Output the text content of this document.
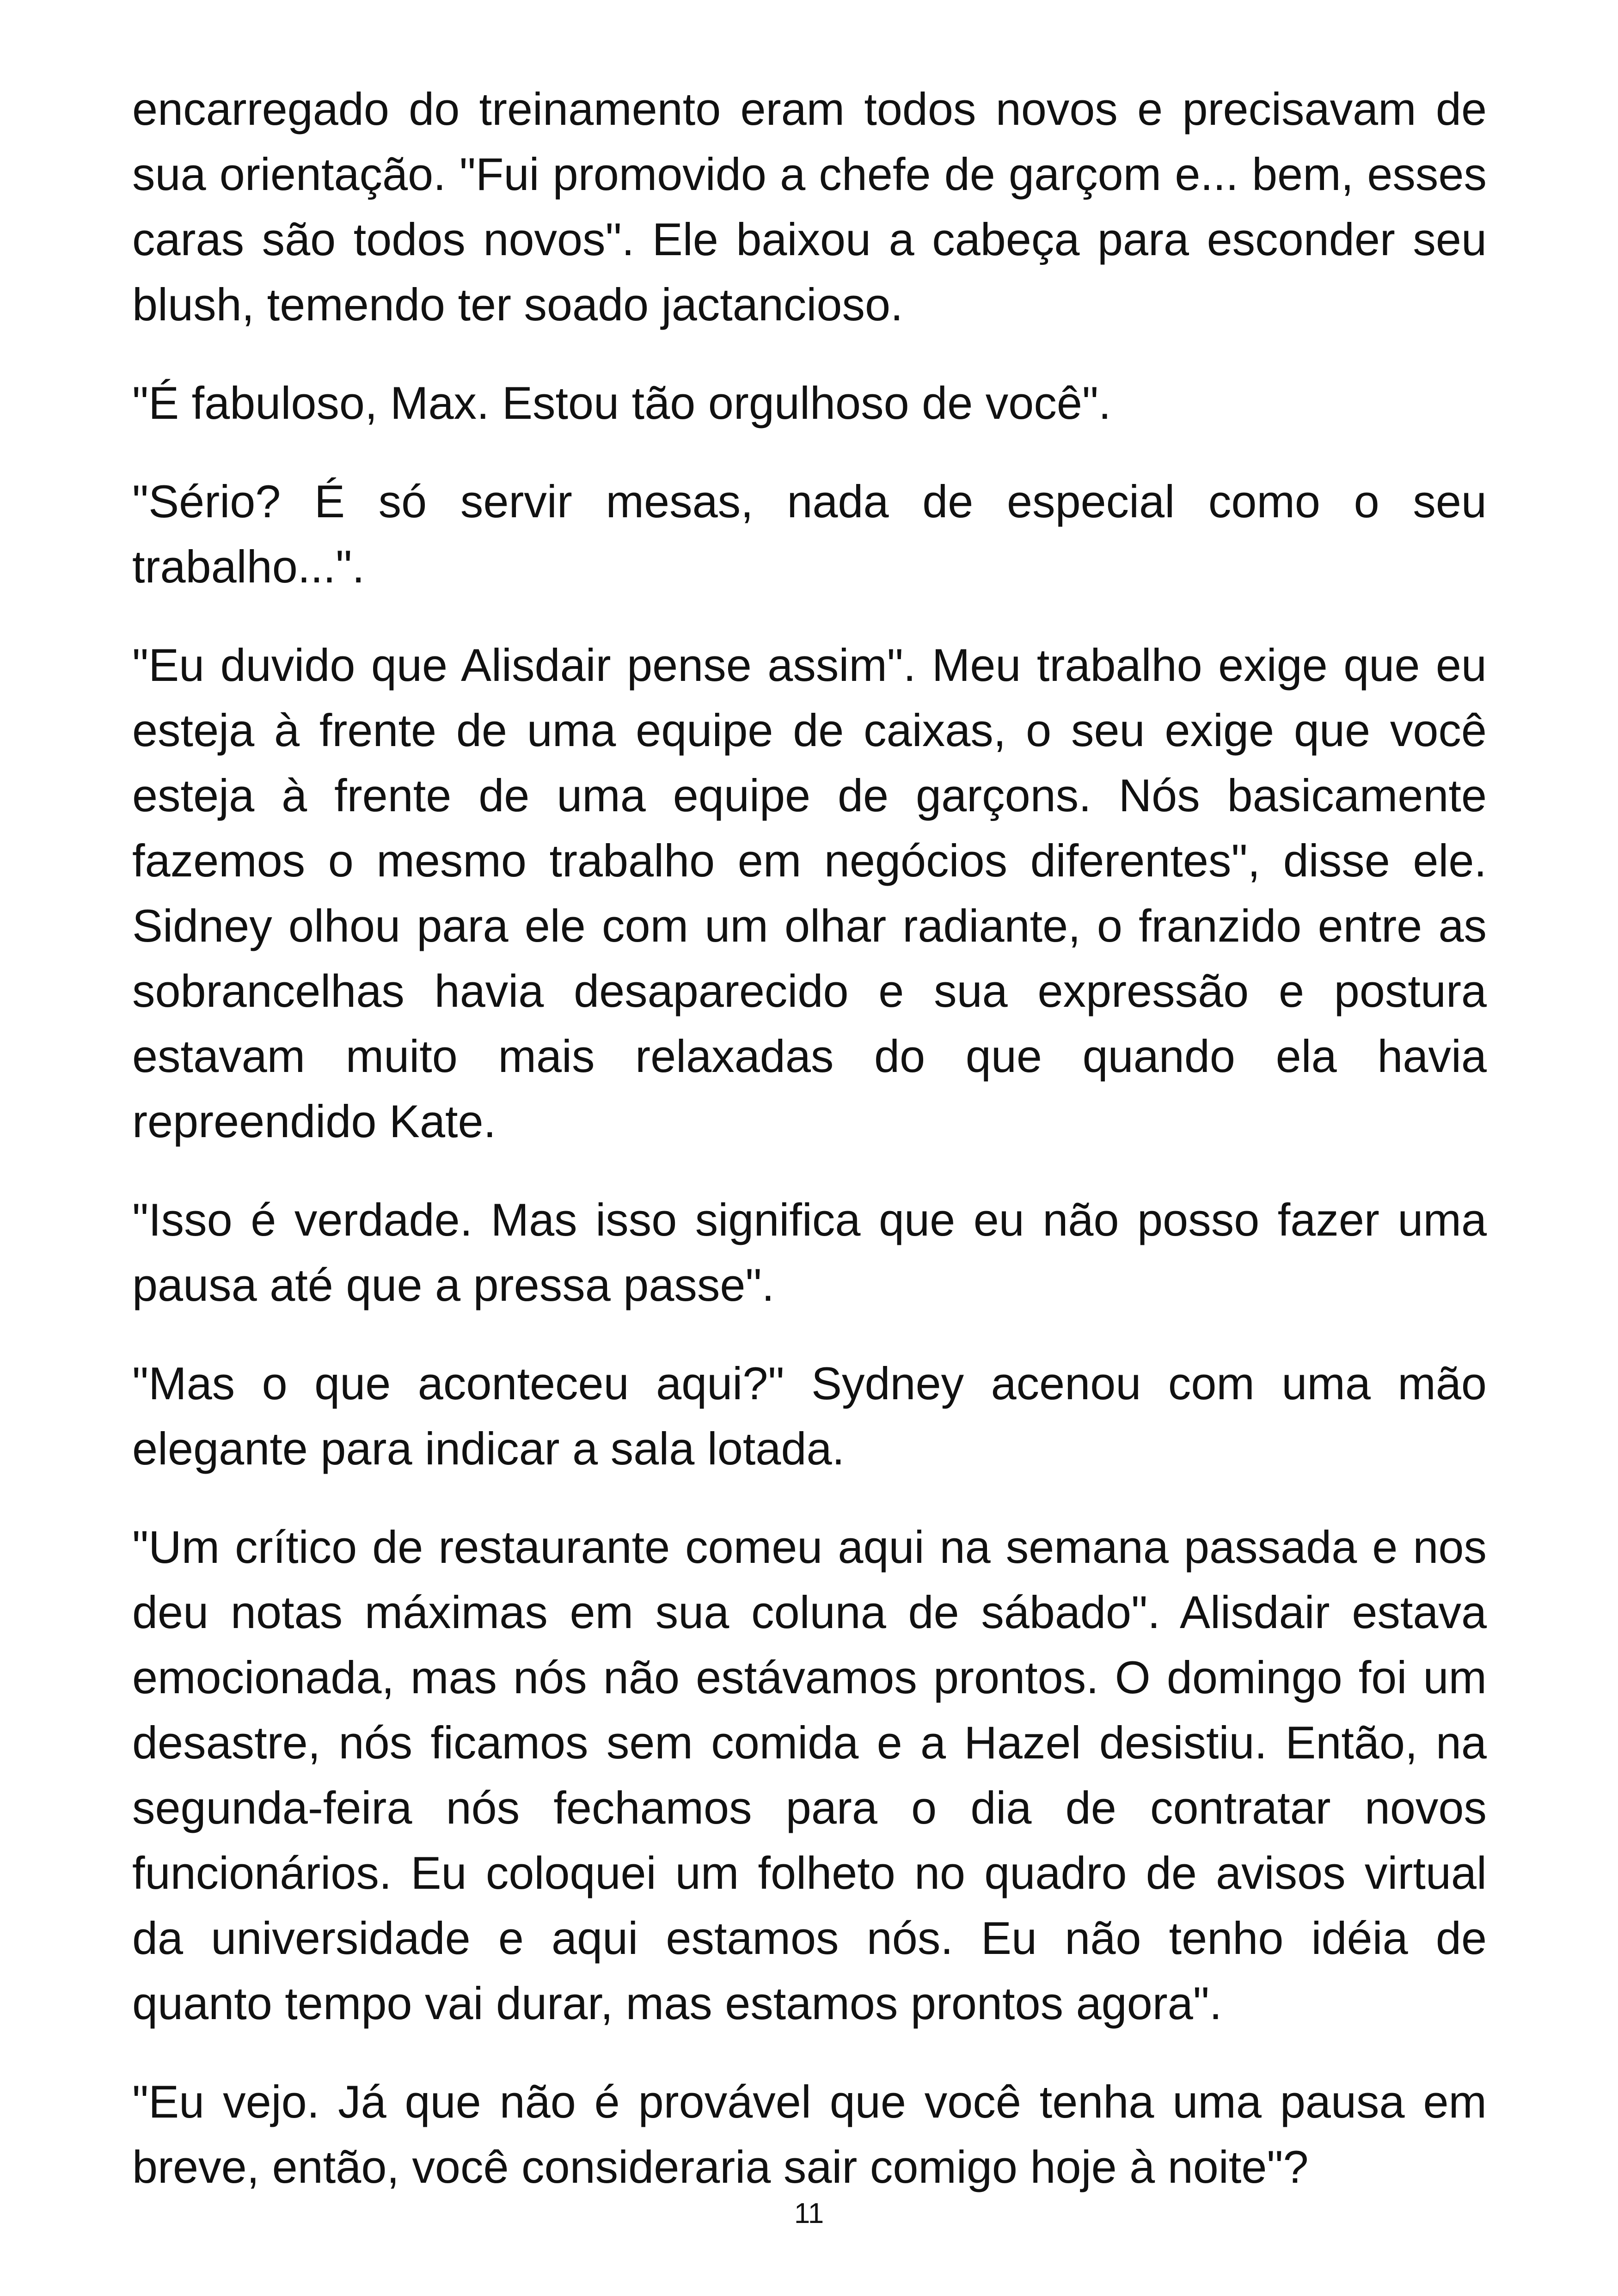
encarregado do treinamento eram todos novos e precisavam de sua orientação. "Fui promovido a chefe de garçom e... bem, esses caras são todos novos". Ele baixou a cabeça para esconder seu blush, temendo ter soado jactancioso.

"É fabuloso, Max. Estou tão orgulhoso de você".

"Sério? É só servir mesas, nada de especial como o seu trabalho...".

"Eu duvido que Alisdair pense assim". Meu trabalho exige que eu esteja à frente de uma equipe de caixas, o seu exige que você esteja à frente de uma equipe de garçons. Nós basicamente fazemos o mesmo trabalho em negócios diferentes", disse ele. Sidney olhou para ele com um olhar radiante, o franzido entre as sobrancelhas havia desaparecido e sua expressão e postura estavam muito mais relaxadas do que quando ela havia repreendido Kate.

"Isso é verdade. Mas isso significa que eu não posso fazer uma pausa até que a pressa passe".

"Mas o que aconteceu aqui?" Sydney acenou com uma mão elegante para indicar a sala lotada.

"Um crítico de restaurante comeu aqui na semana passada e nos deu notas máximas em sua coluna de sábado". Alisdair estava emocionada, mas nós não estávamos prontos. O domingo foi um desastre, nós ficamos sem comida e a Hazel desistiu. Então, na segunda-feira nós fechamos para o dia de contratar novos funcionários. Eu coloquei um folheto no quadro de avisos virtual da universidade e aqui estamos nós. Eu não tenho idéia de quanto tempo vai durar, mas estamos prontos agora".

"Eu vejo. Já que não é provável que você tenha uma pausa em breve, então, você consideraria sair comigo hoje à noite"?

11
